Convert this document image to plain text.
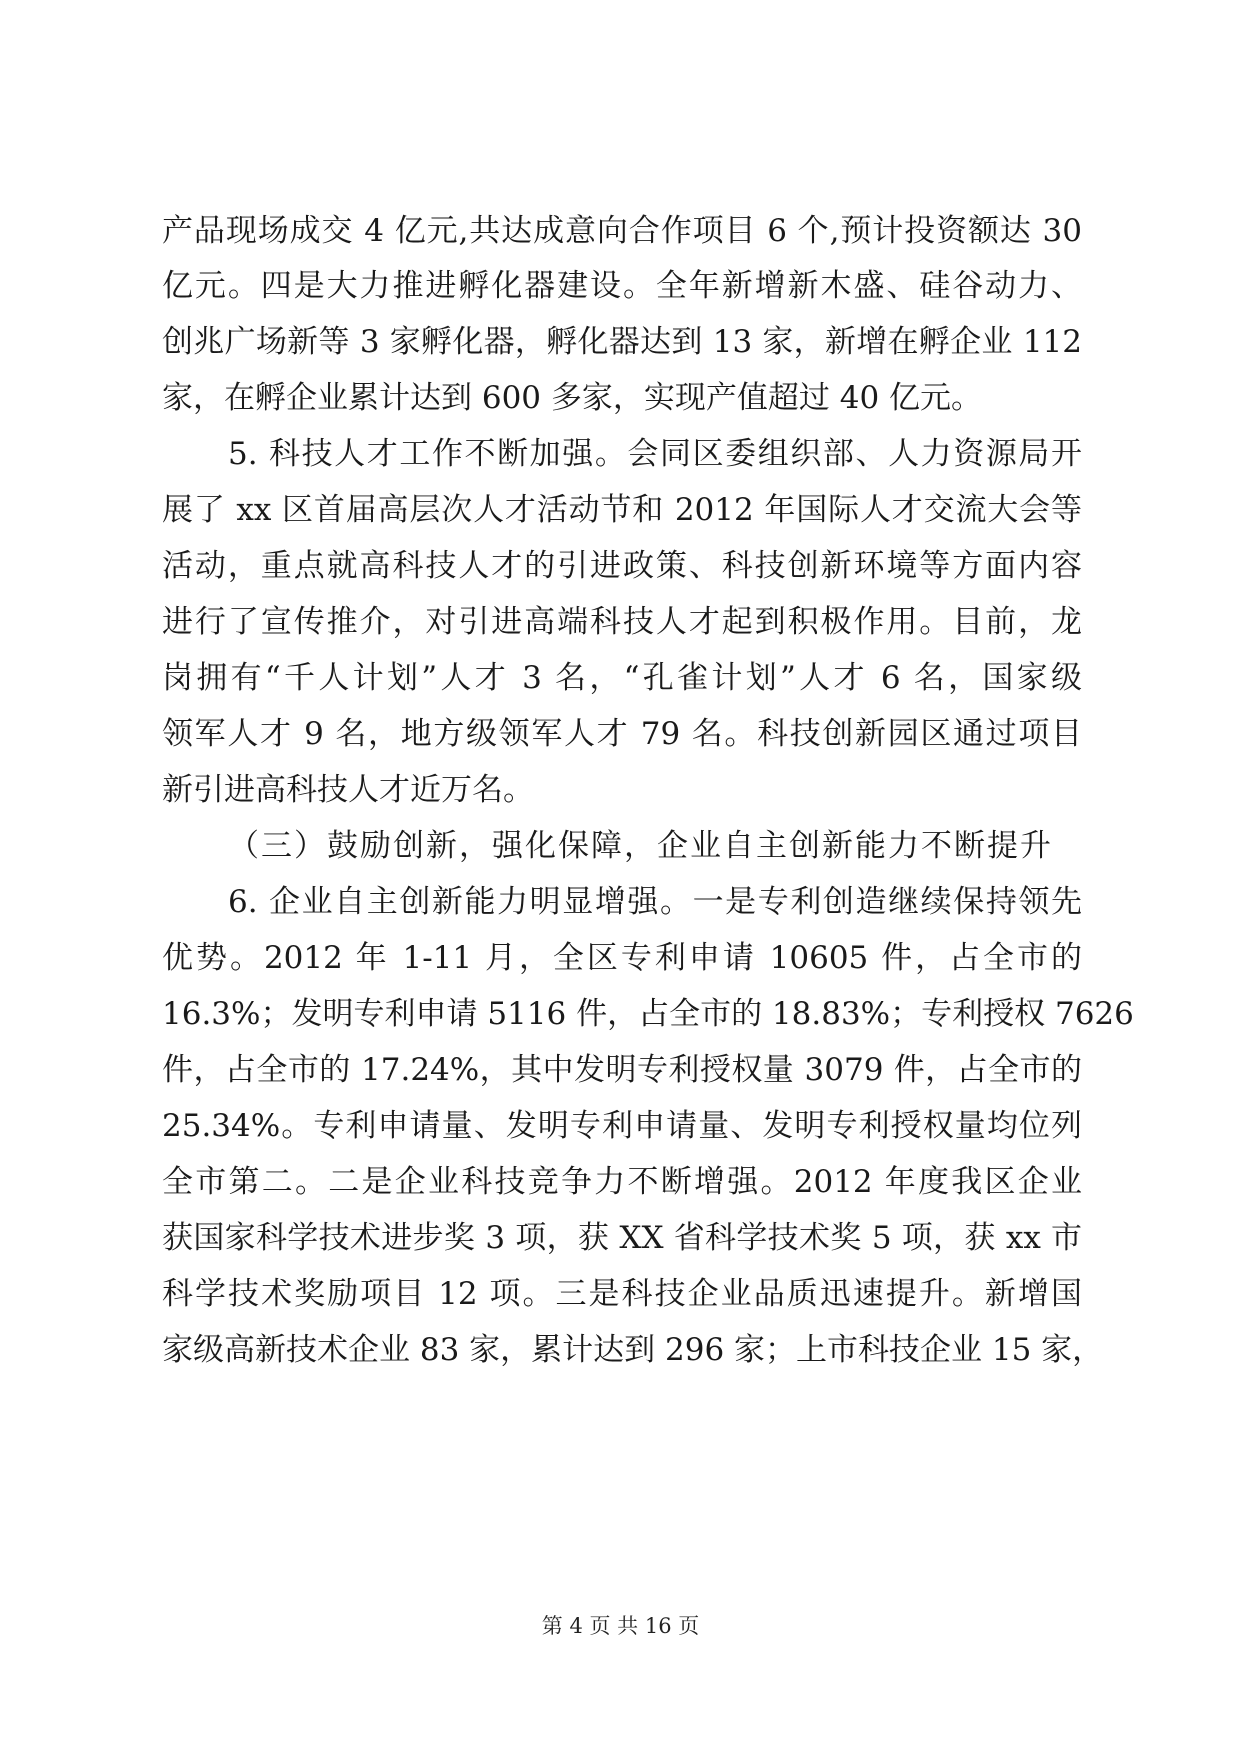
产品现场成交 4 亿元,共达成意向合作项目 6 个,预计投资额达 30
亿元。四是大力推进孵化器建设。全年新增新木盛、硅谷动力、
创兆广场新等 3 家孵化器，孵化器达到 13 家，新增在孵企业 112
家，在孵企业累计达到 600 多家，实现产值超过 40 亿元。
5. 科技人才工作不断加强。会同区委组织部、人力资源局开
展了 xx 区首届高层次人才活动节和 2012 年国际人才交流大会等
活动，重点就高科技人才的引进政策、科技创新环境等方面内容
进行了宣传推介，对引进高端科技人才起到积极作用。目前，龙
岗拥有“千人计划”人才 3 名，“孔雀计划”人才 6 名，国家级
领军人才 9 名，地方级领军人才 79 名。科技创新园区通过项目
新引进高科技人才近万名。
（三）鼓励创新，强化保障，企业自主创新能力不断提升
6. 企业自主创新能力明显增强。一是专利创造继续保持领先
优势。2012 年 1-11 月，全区专利申请 10605 件，占全市的
16.3%；发明专利申请 5116 件，占全市的 18.83%；专利授权 7626
件，占全市的 17.24%，其中发明专利授权量 3079 件，占全市的
25.34%。专利申请量、发明专利申请量、发明专利授权量均位列
全市第二。二是企业科技竞争力不断增强。2012 年度我区企业
获国家科学技术进步奖 3 项，获 XX 省科学技术奖 5 项，获 xx 市
科学技术奖励项目 12 项。三是科技企业品质迅速提升。新增国
家级高新技术企业 83 家，累计达到 296 家；上市科技企业 15 家，
第 4 页 共 16 页
